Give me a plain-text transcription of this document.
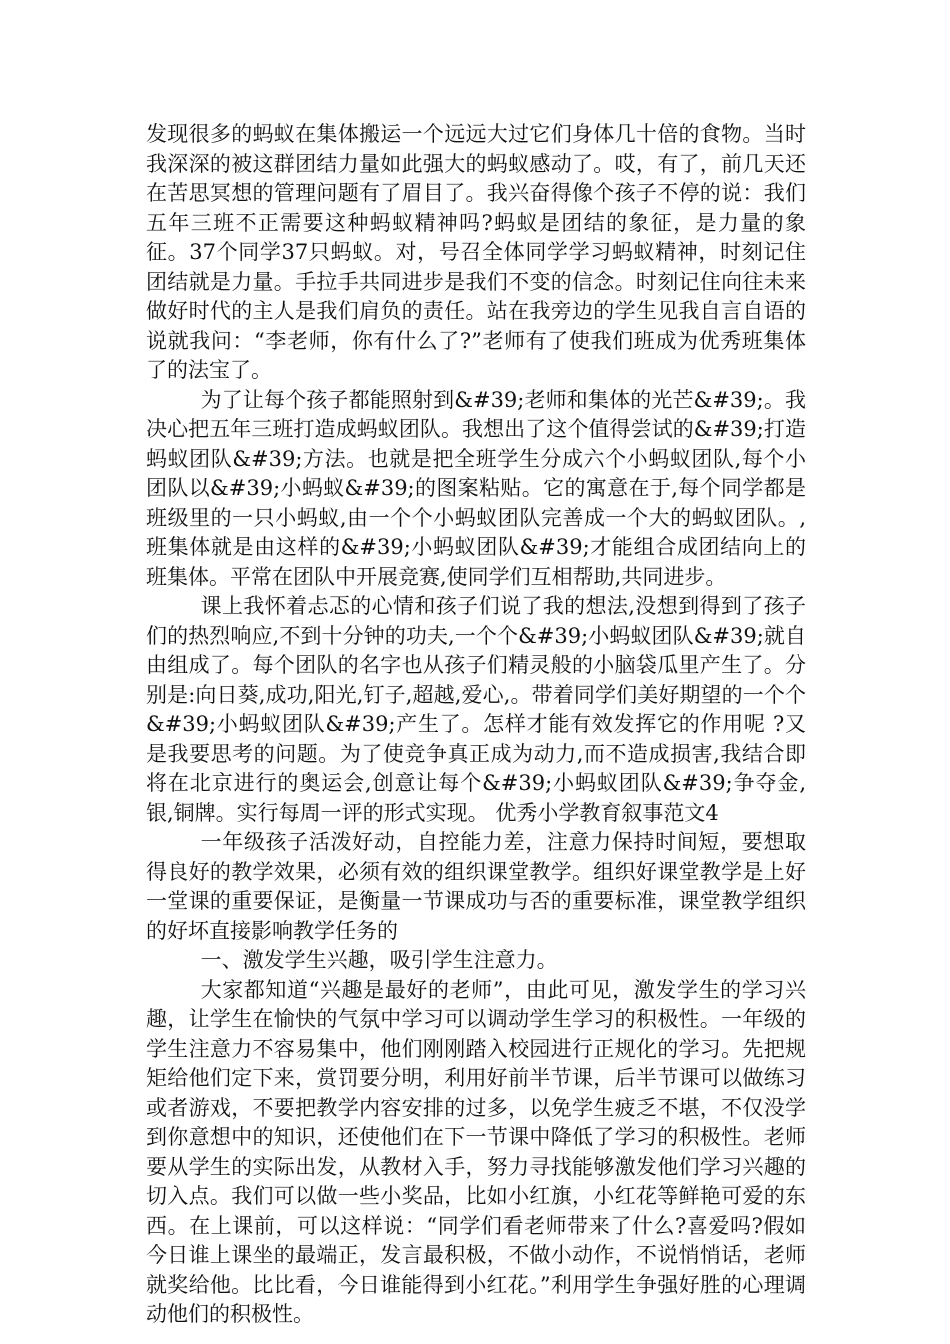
发现很多的蚂蚁在集体搬运一个远远大过它们身体几十倍的食物。当时我深深的被这群团结力量如此强大的蚂蚁感动了。哎，有了，前几天还在苦思冥想的管理问题有了眉目了。我兴奋得像个孩子不停的说：我们五年三班不正需要这种蚂蚁精神吗?蚂蚁是团结的象征，是力量的象征。37个同学37只蚂蚁。对，号召全体同学学习蚂蚁精神，时刻记住团结就是力量。手拉手共同进步是我们不变的信念。时刻记住向往未来做好时代的主人是我们肩负的责任。站在我旁边的学生见我自言自语的说就我问：“李老师，你有什么了?”老师有了使我们班成为优秀班集体了的法宝了。

为了让每个孩子都能照射到&#39;老师和集体的光芒&#39;。我决心把五年三班打造成蚂蚁团队。我想出了这个值得尝试的&#39;打造蚂蚁团队&#39;方法。也就是把全班学生分成六个小蚂蚁团队,每个小团队以&#39;小蚂蚁&#39;的图案粘贴。它的寓意在于,每个同学都是班级里的一只小蚂蚁,由一个个小蚂蚁团队完善成一个大的蚂蚁团队。,班集体就是由这样的&#39;小蚂蚁团队&#39;才能组合成团结向上的班集体。平常在团队中开展竞赛,使同学们互相帮助,共同进步。

课上我怀着忐忑的心情和孩子们说了我的想法,没想到得到了孩子们的热烈响应,不到十分钟的功夫,一个个&#39;小蚂蚁团队&#39;就自由组成了。每个团队的名字也从孩子们精灵般的小脑袋瓜里产生了。分别是:向日葵,成功,阳光,钉子,超越,爱心,。带着同学们美好期望的一个个&#39;小蚂蚁团队&#39;产生了。怎样才能有效发挥它的作用呢 ?又是我要思考的问题。为了使竞争真正成为动力,而不造成损害,我结合即将在北京进行的奥运会,创意让每个&#39;小蚂蚁团队&#39;争夺金,银,铜牌。实行每周一评的形式实现。 优秀小学教育叙事范文4

一年级孩子活泼好动，自控能力差，注意力保持时间短，要想取得良好的教学效果，必须有效的组织课堂教学。组织好课堂教学是上好一堂课的重要保证，是衡量一节课成功与否的重要标准，课堂教学组织的好坏直接影响教学任务的

一、激发学生兴趣，吸引学生注意力。

大家都知道“兴趣是最好的老师”，由此可见，激发学生的学习兴趣，让学生在愉快的气氛中学习可以调动学生学习的积极性。一年级的学生注意力不容易集中，他们刚刚踏入校园进行正规化的学习。先把规矩给他们定下来，赏罚要分明，利用好前半节课，后半节课可以做练习或者游戏，不要把教学内容安排的过多，以免学生疲乏不堪，不仅没学到你意想中的知识，还使他们在下一节课中降低了学习的积极性。老师要从学生的实际出发，从教材入手，努力寻找能够激发他们学习兴趣的切入点。我们可以做一些小奖品，比如小红旗，小红花等鲜艳可爱的东西。在上课前，可以这样说：“同学们看老师带来了什么?喜爱吗?假如今日谁上课坐的最端正，发言最积极，不做小动作，不说悄悄话，老师就奖给他。比比看，今日谁能得到小红花。”利用学生争强好胜的心理调动他们的积极性。
